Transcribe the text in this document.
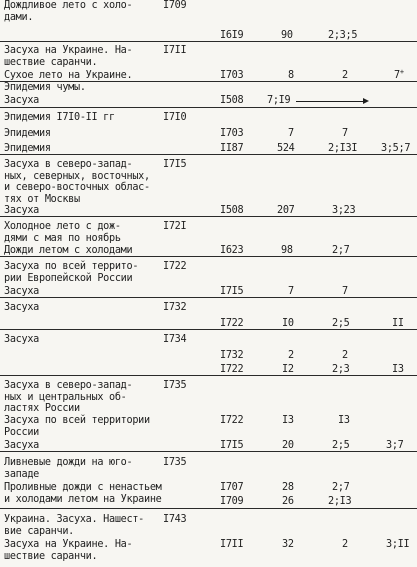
Дождливое лето с холо-
дами.
Засуха на Украине. На-
шествие саранчи.
Сухое лето на Украине.
Эпидемия чумы.
Засуха
Эпидемия I7I0-II гг
Эпидемия
Эпидемия
Засуха в северо-запад-
ных, северных, восточных,
и северо-восточных облас-
тях от Москвы
Засуха
Холодное лето с дож-
дями с мая по ноябрь
Дожди летом с холодами
Засуха по всей террито-
рии Европейской России
Засуха
Засуха
Засуха
Засуха в северо-запад-
ных и центральных об-
ластях России
Засуха по всей территории
России
Засуха
Ливневые дожди на юго-
западе
Проливные дожди с ненастьем
и холодами летом на Украине
Украина. Засуха. Нашест-
вие саранчи.
Засуха на Украине. На-
шествие саранчи.
I709
I7II
I7I0
I7I5
I72I
I722
I732
I734
I735
I735
I743
I6I9
I703
I508
I703
II87
I508
I623
I7I5
I722
I732
I722
I722
I7I5
I707
I709
I7II
90
8
7;I9
7
524
207
98
7
I0
2
I2
I3
20
28
26
32
2;3;5
2
7
2;I3I
3;23
2;7
7
2;5
2
2;3
I3
2;5
2;7
2;I3
2
7+
3;5;7
II
I3
3;7
3;II
